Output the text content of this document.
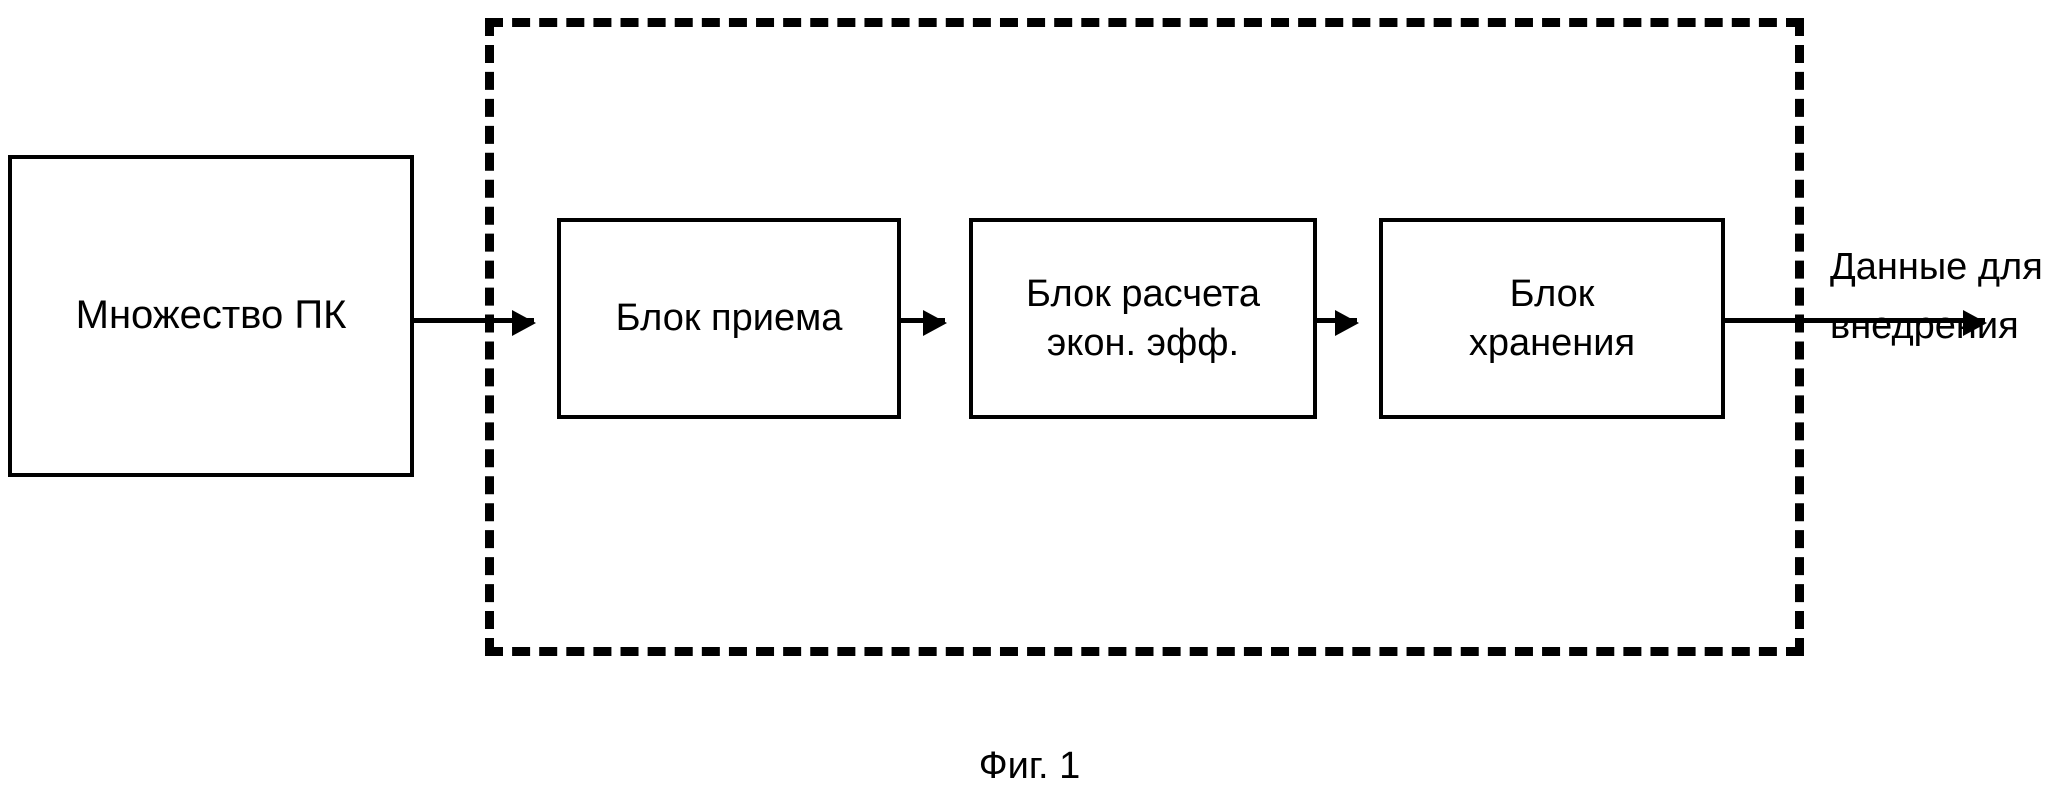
Множество ПК	Блок приема
Блок расчета
экон. эфф.
Блок
хранения
Данные для
внедрения
Фиг. 1
